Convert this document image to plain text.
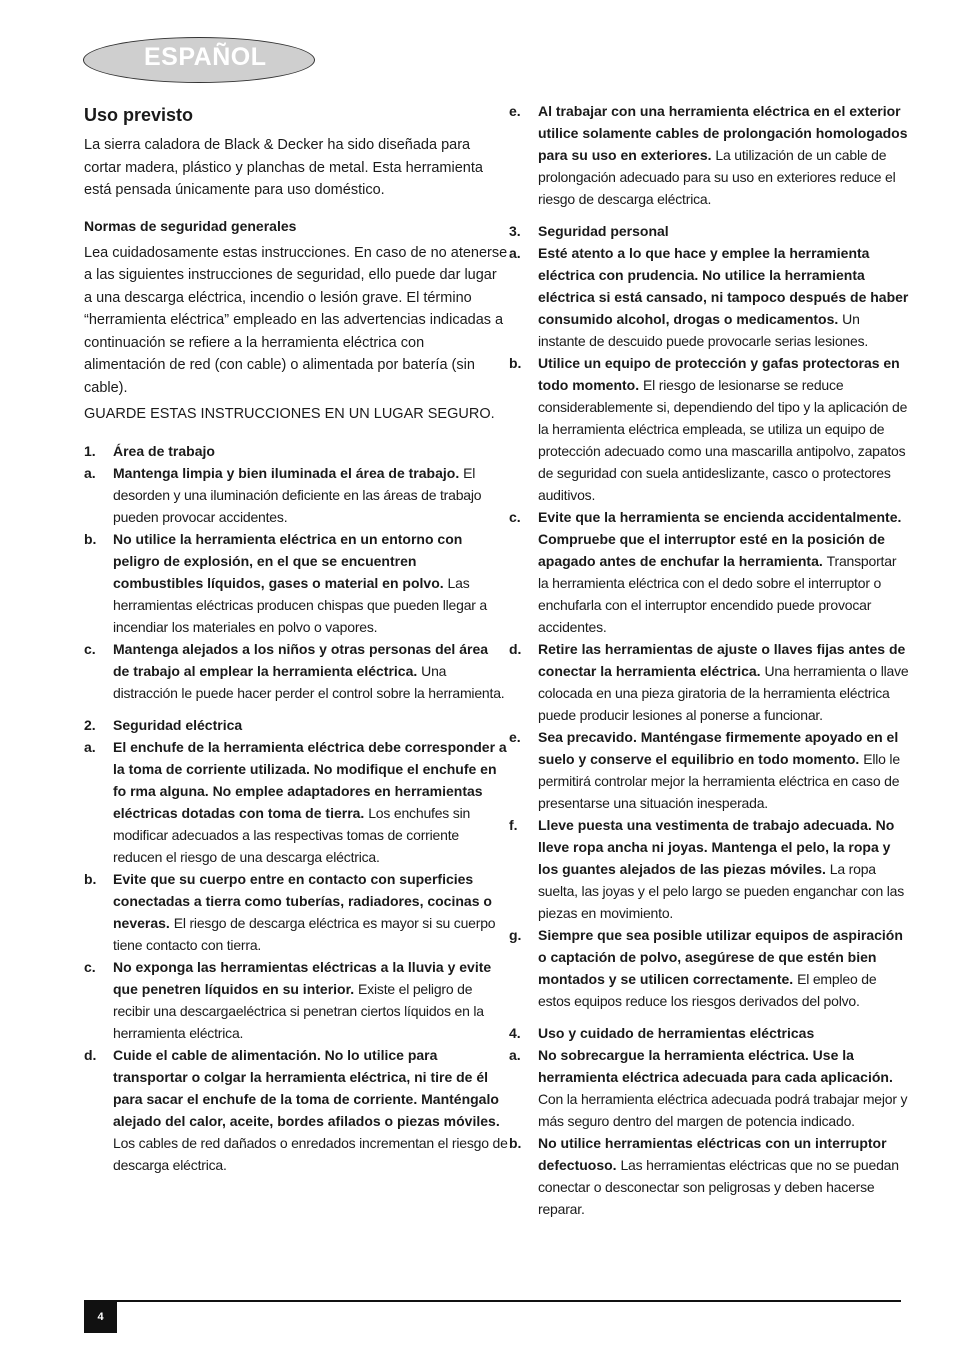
ESPAÑOL
Uso previsto

La sierra caladora de Black & Decker ha sido diseñada para cortar madera, plástico y planchas de metal. Esta herramienta está pensada únicamente para uso doméstico.

Normas de seguridad generales

Lea cuidadosamente estas instrucciones. En caso de no atenerse a las siguientes instrucciones de seguridad, ello puede dar lugar a una descarga eléctrica, incendio o lesión grave. El término “herramienta eléctrica” empleado en las advertencias indicadas a continuación se refiere a la herramienta eléctrica con alimentación de red (con cable) o alimentada por batería (sin cable).

GUARDE ESTAS INSTRUCCIONES EN UN LUGAR SEGURO.

1.	Área de trabajo
a.	Mantenga limpia y bien iluminada el área de trabajo. El desorden y una iluminación deficiente en las áreas de trabajo pueden provocar accidentes.
b.	No utilice la herramienta eléctrica en un entorno con peligro de explosión, en el que se encuentren combustibles líquidos, gases o material en polvo. Las herramientas eléctricas producen chispas que pueden llegar a incendiar los materiales en polvo o vapores.
c.	Mantenga alejados a los niños y otras personas del área de trabajo al emplear la herramienta eléctrica. Una distracción le puede hacer perder el control sobre la herramienta.
2.	Seguridad eléctrica
a.	El enchufe de la herramienta eléctrica debe corresponder a la toma de corriente utilizada. No modifique el enchufe en fo rma alguna. No emplee adaptadores en herramientas eléctricas dotadas con toma de tierra. Los enchufes sin modificar adecuados a las respectivas tomas de corriente reducen el riesgo de una descarga eléctrica.
b.	Evite que su cuerpo entre en contacto con superficies conectadas a tierra como tuberías, radiadores, cocinas o neveras. El riesgo de descarga eléctrica es mayor si su cuerpo tiene contacto con tierra.
c.	No exponga las herramientas eléctricas a la lluvia y evite que penetren líquidos en su interior. Existe el peligro de recibir una descargaeléctrica si penetran ciertos líquidos en la herramienta eléctrica.
d.	Cuide el cable de alimentación. No lo utilice para transportar o colgar la herramienta eléctrica, ni tire de él para sacar el enchufe de la toma de corriente. Manténgalo alejado del calor, aceite, bordes afilados o piezas móviles. Los cables de red dañados o enredados incrementan el riesgo de descarga eléctrica.
e.	Al trabajar con una herramienta eléctrica en el exterior utilice solamente cables de prolongación homologados para su uso en exteriores. La utilización de un cable de prolongación adecuado para su uso en exteriores reduce el riesgo de descarga eléctrica.
3.	Seguridad personal
a.	Esté atento a lo que hace y emplee la herramienta eléctrica con prudencia. No utilice la herramienta eléctrica si está cansado, ni tampoco después de haber consumido alcohol, drogas o medicamentos. Un instante de descuido puede provocarle serias lesiones.
b.	Utilice un equipo de protección y gafas protectoras en todo momento. El riesgo de lesionarse se reduce considerablemente si, dependiendo del tipo y la aplicación de la herramienta eléctrica empleada, se utiliza un equipo de protección adecuado como una mascarilla antipolvo, zapatos de seguridad con suela antideslizante, casco o protectores auditivos.
c.	Evite que la herramienta se encienda accidentalmente. Compruebe que el interruptor esté en la posición de apagado antes de enchufar la herramienta. Transportar la herramienta eléctrica con el dedo sobre el interruptor o enchufarla con el interruptor encendido puede provocar accidentes.
d.	Retire las herramientas de ajuste o llaves fijas antes de conectar la herramienta eléctrica. Una herramienta o llave colocada en una pieza giratoria de la herramienta eléctrica puede producir lesiones al ponerse a funcionar.
e.	Sea precavido. Manténgase firmemente apoyado en el suelo y conserve el equilibrio en todo momento. Ello le permitirá controlar mejor la herramienta eléctrica en caso de presentarse una situación inesperada.
f.	Lleve puesta una vestimenta de trabajo adecuada. No lleve ropa ancha ni joyas. Mantenga el pelo, la ropa y los guantes alejados de las piezas móviles. La ropa suelta, las joyas y el pelo largo se pueden enganchar con las piezas en movimiento.
g.	Siempre que sea posible utilizar equipos de aspiración o captación de polvo, asegúrese de que estén bien montados y se utilicen correctamente. El empleo de estos equipos reduce los riesgos derivados del polvo.
4.	Uso y cuidado de herramientas eléctricas
a.	No sobrecargue la herramienta eléctrica. Use la herramienta eléctrica adecuada para cada aplicación. Con la herramienta eléctrica adecuada podrá trabajar mejor y más seguro dentro del margen de potencia indicado.
b.	No utilice herramientas eléctricas con un interruptor defectuoso. Las herramientas eléctricas que no se puedan conectar o desconectar son peligrosas y deben hacerse reparar.
4
